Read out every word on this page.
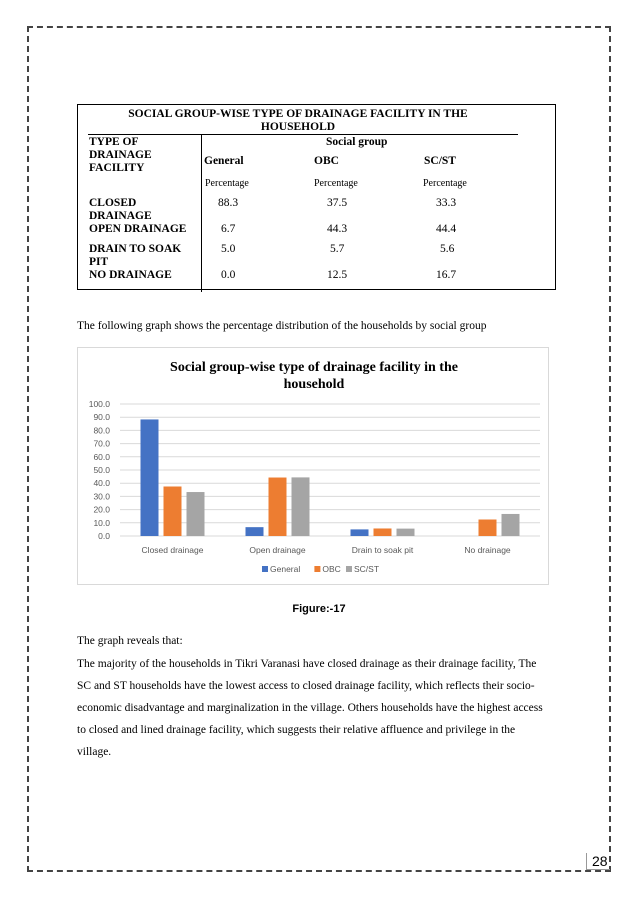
SOCIAL GROUP-WISE TYPE OF DRAINAGE FACILITY IN THE
HOUSEHOLD
TYPE OF
DRAINAGE
FACILITY
Social group
General	OBC	SC/ST
Percentage	Percentage	Percentage
CLOSED
DRAINAGE
88.3	37.5	33.3
OPEN DRAINAGE	6.7	44.3	44.4
DRAIN TO SOAK
PIT
5.0	5.7	5.6
NO DRAINAGE	0.0	12.5	16.7
The following graph shows the percentage distribution of the households by social group
Social group-wise type of drainage facility in the
household
0.0
10.0
20.0
30.0
40.0
50.0
60.0
70.0
80.0
90.0
100.0
Closed drainage	Open drainage	Drain to soak pit	No drainage
General	OBC SC/ST
Figure:-17
The graph reveals that:
The majority of the households in Tikri Varanasi have closed drainage as their drainage facility, The
SC and ST households have the lowest access to closed drainage facility, which reflects their socio-
economic disadvantage and marginalization in the village. Others households have the highest access
to closed and lined drainage facility, which suggests their relative affluence and privilege in the
village.
28
